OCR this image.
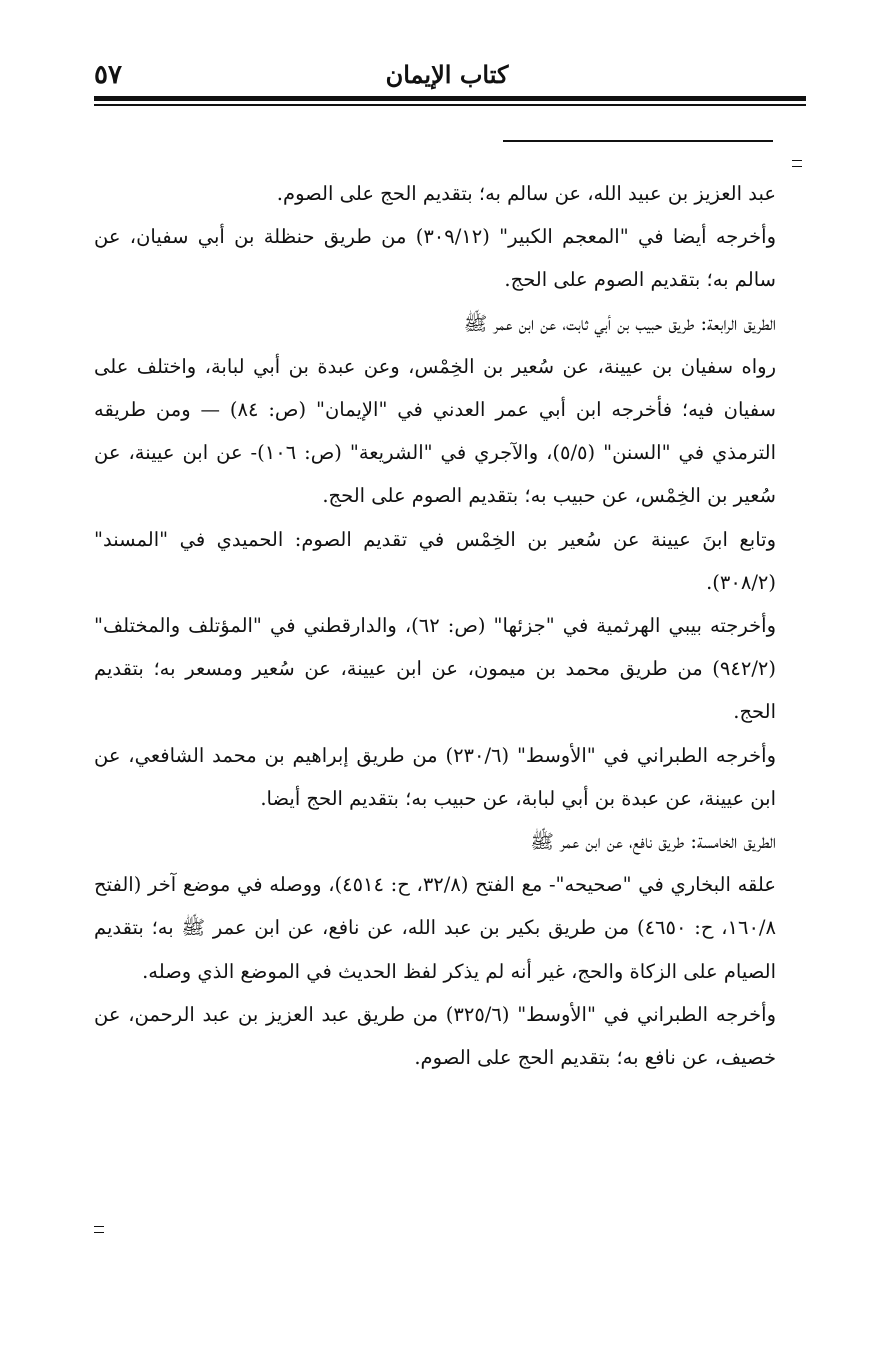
٥٧	كتاب الإيمان

عبد العزيز بن عبيد الله، عن سالم به؛ بتقديم الحج على الصوم.

وأخرجه أيضا في "المعجم الكبير" (٣٠٩/١٢) من طريق حنظلة بن أبي سفيان، عن سالم به؛ بتقديم الصوم على الحج.

الطريق الرابعة: طريق حبيب بن أبي ثابت، عن ابن عمر ﷺ

رواه سفيان بن عيينة، عن سُعير بن الخِمْس، وعن عبدة بن أبي لبابة، واختلف على سفيان فيه؛ فأخرجه ابن أبي عمر العدني في "الإيمان" (ص: ٨٤) — ومن طريقه الترمذي في "السنن" (٥/٥)، والآجري في "الشريعة" (ص: ١٠٦)- عن ابن عيينة، عن سُعير بن الخِمْس، عن حبيب به؛ بتقديم الصوم على الحج.

وتابع ابنَ عيينة عن سُعير بن الخِمْس في تقديم الصوم: الحميدي في "المسند" (٣٠٨/٢).

وأخرجته بيبي الهرثمية في "جزئها" (ص: ٦٢)، والدارقطني في "المؤتلف والمختلف" (٩٤٢/٢) من طريق محمد بن ميمون، عن ابن عيينة، عن سُعير ومسعر به؛ بتقديم الحج.

وأخرجه الطبراني في "الأوسط" (٢٣٠/٦) من طريق إبراهيم بن محمد الشافعي، عن ابن عيينة، عن عبدة بن أبي لبابة، عن حبيب به؛ بتقديم الحج أيضا.

الطريق الخامسة: طريق نافع، عن ابن عمر ﷺ

علقه البخاري في "صحيحه"- مع الفتح (٣٢/٨، ح: ٤٥١٤)، ووصله في موضع آخر (الفتح ١٦٠/٨، ح: ٤٦٥٠) من طريق بكير بن عبد الله، عن نافع، عن ابن عمر ﷺ به؛ بتقديم الصيام على الزكاة والحج، غير أنه لم يذكر لفظ الحديث في الموضع الذي وصله.

وأخرجه الطبراني في "الأوسط" (٣٢٥/٦) من طريق عبد العزيز بن عبد الرحمن، عن خصيف، عن نافع به؛ بتقديم الحج على الصوم.
